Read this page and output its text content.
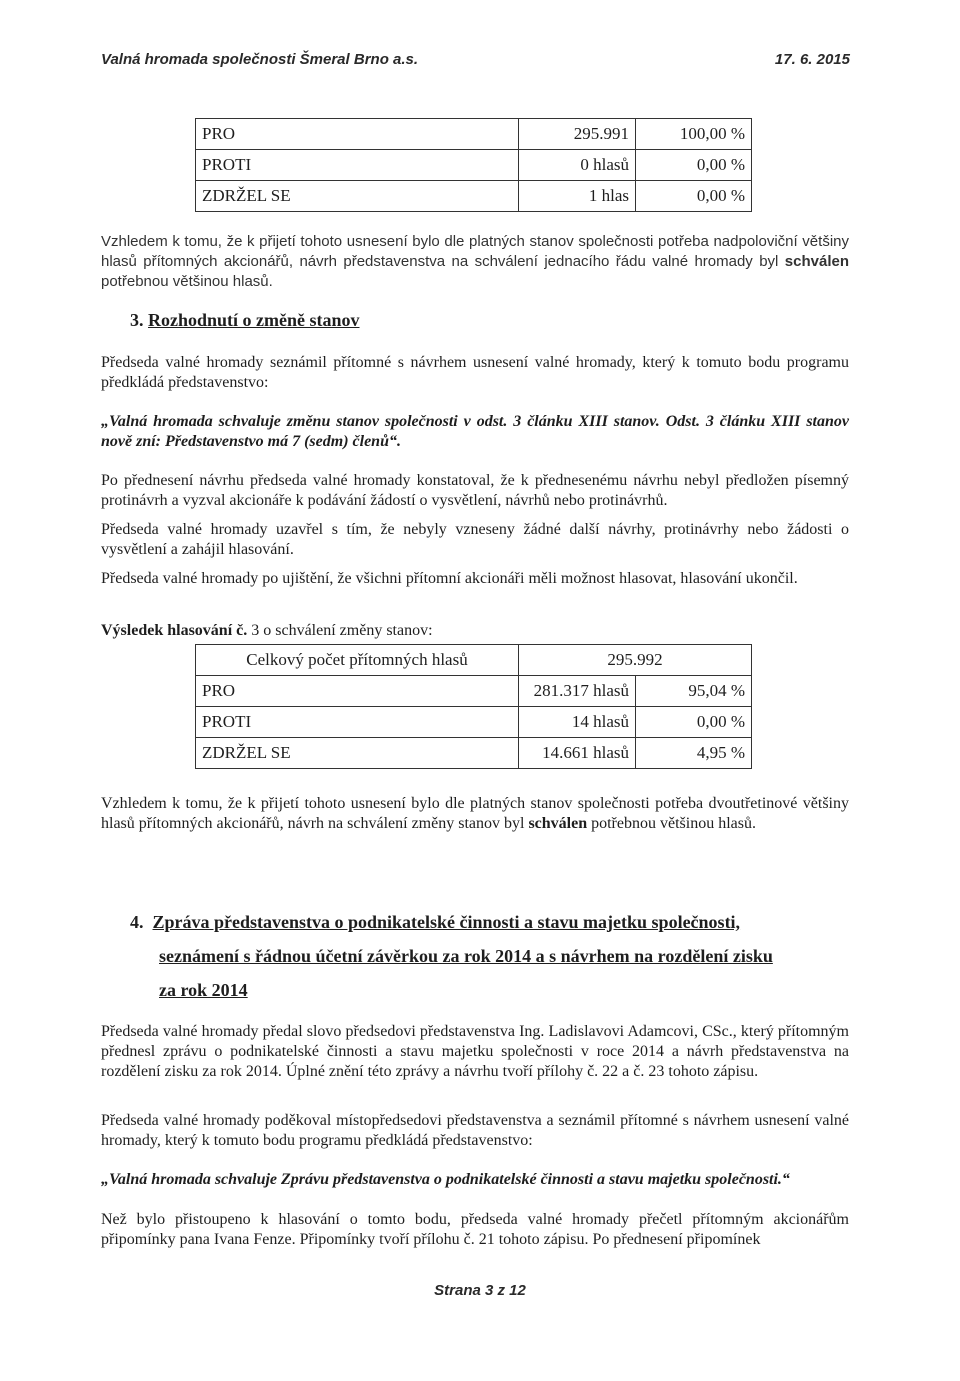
Valná hromada společnosti Šmeral Brno a.s.	17. 6. 2015
PRO	295.991	100,00 %
PROTI	0 hlasů	0,00 %
ZDRŽEL SE	1 hlas	0,00 %

Vzhledem k tomu, že k přijetí tohoto usnesení bylo dle platných stanov společnosti potřeba nadpoloviční většiny hlasů přítomných akcionářů, návrh představenstva na schválení jednacího řádu valné hromady byl schválen potřebnou většinou hlasů.

3. Rozhodnutí o změně stanov

Předseda valné hromady seznámil přítomné s návrhem usnesení valné hromady, který k tomuto bodu programu předkládá představenstvo:

„Valná hromada schvaluje změnu stanov společnosti v odst. 3 článku XIII stanov. Odst. 3 článku XIII stanov nově zní: Představenstvo má 7 (sedm) členů“.

Po přednesení návrhu předseda valné hromady konstatoval, že k přednesenému návrhu nebyl předložen písemný protinávrh a vyzval akcionáře k podávání žádostí o vysvětlení, návrhů nebo protinávrhů.

Předseda valné hromady uzavřel s tím, že nebyly vzneseny žádné další návrhy, protinávrhy nebo žádosti o vysvětlení a zahájil hlasování.

Předseda valné hromady po ujištění, že všichni přítomní akcionáři měli možnost hlasovat, hlasování ukončil.

Výsledek hlasování č. 3 o schválení změny stanov:

Celkový počet přítomných hlasů	295.992	
PRO	281.317 hlasů	95,04 %
PROTI	14 hlasů	0,00 %
ZDRŽEL SE	14.661 hlasů	4,95 %

Vzhledem k tomu, že k přijetí tohoto usnesení bylo dle platných stanov společnosti potřeba dvoutřetinové většiny hlasů přítomných akcionářů, návrh na schválení změny stanov byl schválen potřebnou většinou hlasů.

4. Zpráva představenstva o podnikatelské činnosti a stavu majetku společnosti,
seznámení s řádnou účetní závěrkou za rok 2014 a s návrhem na rozdělení zisku
za rok 2014

Předseda valné hromady předal slovo předsedovi představenstva Ing. Ladislavovi Adamcovi, CSc., který přítomným přednesl zprávu o podnikatelské činnosti a stavu majetku společnosti v roce 2014 a návrh představenstva na rozdělení zisku za rok 2014. Úplné znění této zprávy a návrhu tvoří přílohy č. 22 a č. 23 tohoto zápisu.

Předseda valné hromady poděkoval místopředsedovi představenstva a seznámil přítomné s návrhem usnesení valné hromady, který k tomuto bodu programu předkládá představenstvo:

„Valná hromada schvaluje Zprávu představenstva o podnikatelské činnosti a stavu majetku společnosti.“

Než bylo přistoupeno k hlasování o tomto bodu, předseda valné hromady přečetl přítomným akcionářům připomínky pana Ivana Fenze. Připomínky tvoří přílohu č. 21 tohoto zápisu. Po přednesení připomínek

Strana 3 z 12
